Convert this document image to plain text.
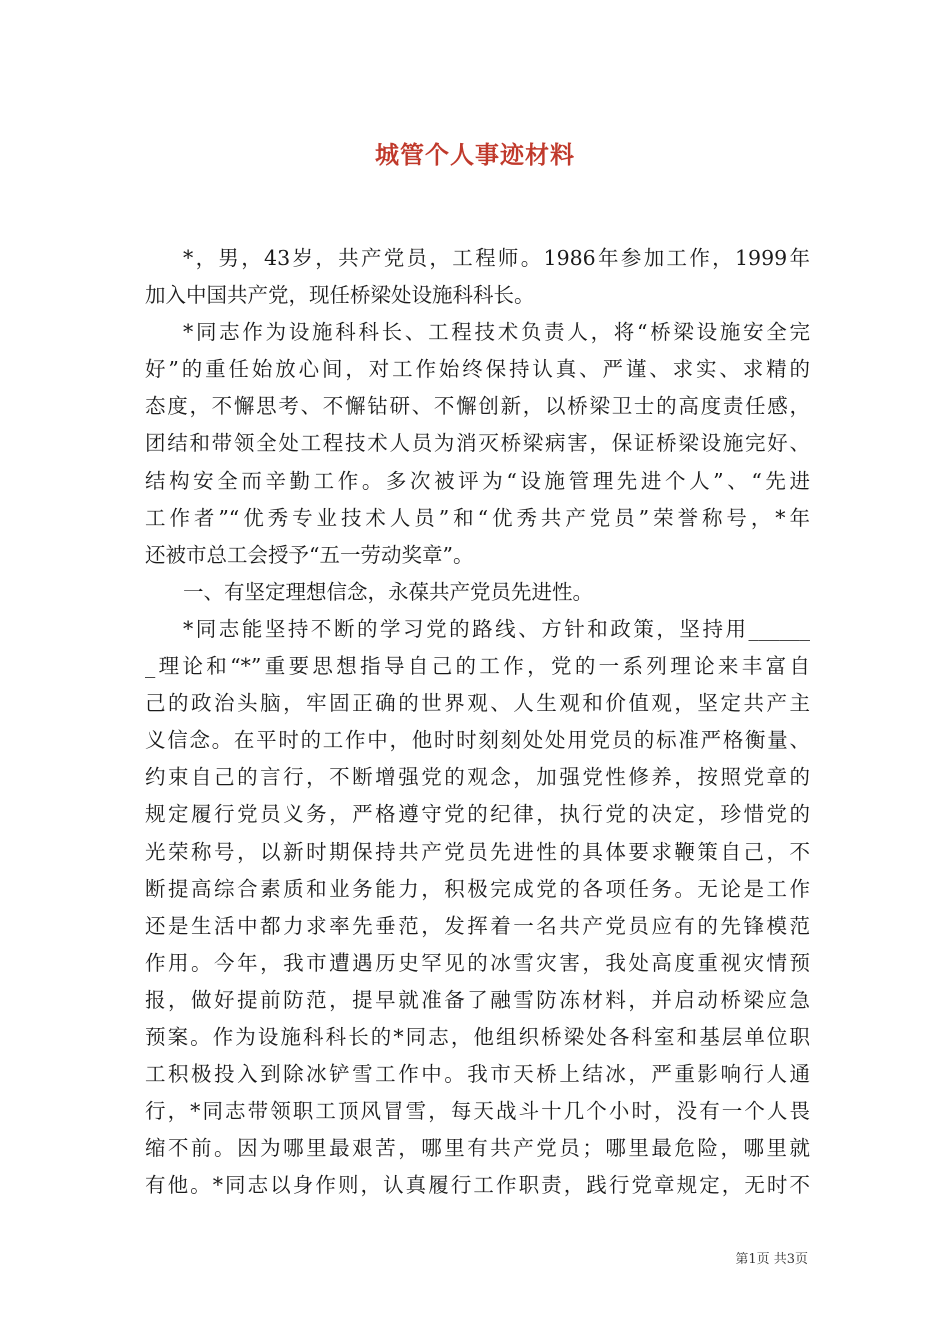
城管个人事迹材料
*，男，43岁，共产党员，工程师。1986年参加工作，1999年
加入中国共产党，现任桥梁处设施科科长。
*同志作为设施科科长、工程技术负责人，将“桥梁设施安全完
好”的重任始放心间，对工作始终保持认真、严谨、求实、求精的
态度，不懈思考、不懈钻研、不懈创新，以桥梁卫士的高度责任感，
团结和带领全处工程技术人员为消灭桥梁病害，保证桥梁设施完好、
结构安全而辛勤工作。多次被评为“设施管理先进个人”、“先进
工作者”“优秀专业技术人员”和“优秀共产党员”荣誉称号，*年
还被市总工会授予“五一劳动奖章”。
一、有坚定理想信念，永葆共产党员先进性。
*同志能坚持不断的学习党的路线、方针和政策，坚持用______
_理论和“*”重要思想指导自己的工作，党的一系列理论来丰富自
己的政治头脑，牢固正确的世界观、人生观和价值观，坚定共产主
义信念。在平时的工作中，他时时刻刻处处用党员的标准严格衡量、
约束自己的言行，不断增强党的观念，加强党性修养，按照党章的
规定履行党员义务，严格遵守党的纪律，执行党的决定，珍惜党的
光荣称号，以新时期保持共产党员先进性的具体要求鞭策自己，不
断提高综合素质和业务能力，积极完成党的各项任务。无论是工作
还是生活中都力求率先垂范，发挥着一名共产党员应有的先锋模范
作用。今年，我市遭遇历史罕见的冰雪灾害，我处高度重视灾情预
报，做好提前防范，提早就准备了融雪防冻材料，并启动桥梁应急
预案。作为设施科科长的*同志，他组织桥梁处各科室和基层单位职
工积极投入到除冰铲雪工作中。我市天桥上结冰，严重影响行人通
行，*同志带领职工顶风冒雪，每天战斗十几个小时，没有一个人畏
缩不前。因为哪里最艰苦，哪里有共产党员；哪里最危险，哪里就
有他。*同志以身作则，认真履行工作职责，践行党章规定，无时不
第1页 共3页
